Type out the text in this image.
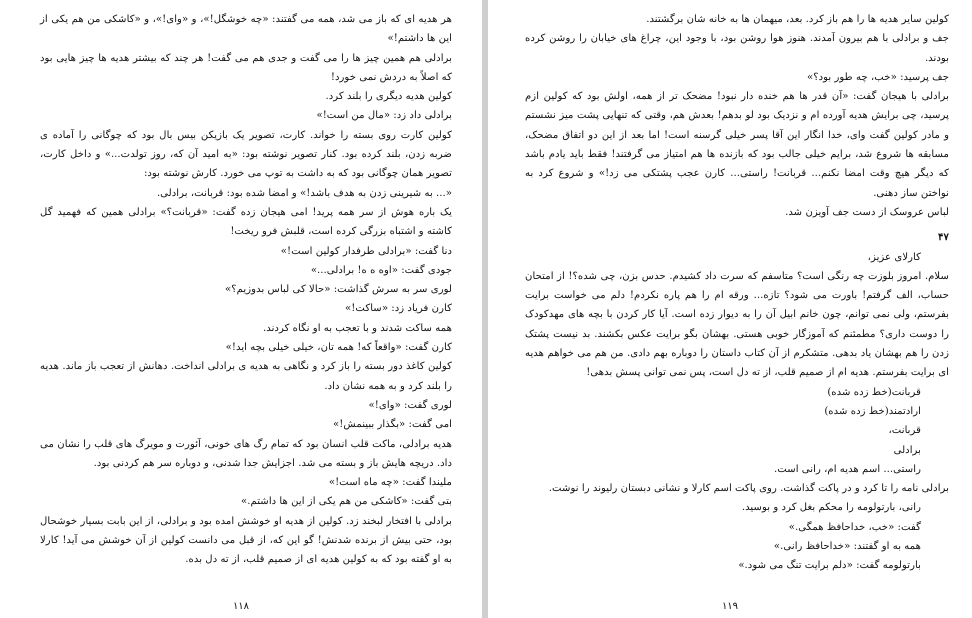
هر هدیه ای که باز می شد، همه می گفتند: «چه خوشگل!»، و «وای!»، و «کاشکی من هم یکی از این ها داشتم!»

برادلی هم همین چیز ها را می گفت و جدی هم می گفت! هر چند که بیشتر هدیه ها چیز هایی بود که اصلاً به دردش نمی خورد!

کولین هدیه دیگری را بلند کرد.

برادلی داد زد: «مال من است!»

کولین کارت روی بسته را خواند. کارت، تصویر یک بازیکن بیس بال بود که چوگانی را آماده ی ضربه زدن، بلند کرده بود. کنار تصویر نوشته بود: «به امید آن که، روز تولدت...» و داخل کارت، تصویر همان چوگانی بود که به داشت به توپ می خورد. کارش نوشته بود:

«... به شیرینی زدن به هدف باشد!» و امضا شده بود: قربانت، برادلی.

یک باره هوش از سر همه پرید! امی هیجان زده گفت: «قربانت؟» برادلی همین که فهمید گل کاشته و اشتباه بزرگی کرده است، قلبش فرو ریخت!

دنا گفت: «برادلی طرفدار کولین است!»

جودی گفت: «اوه ه ه! برادلی...»

لوری سر به سرش گذاشت: «حالا کی لباس بدوزیم؟»

کارن فریاد زد: «ساکت!»

همه ساکت شدند و با تعجب به او نگاه کردند.

کارن گفت: «واقعاً که! همه تان، خیلی خیلی بچه اید!»

کولین کاغذ دور بسته را باز کرد و نگاهی به هدیه ی برادلی انداخت. دهانش از تعجب باز ماند. هدیه را بلند کرد و به همه نشان داد.

لوری گفت: «وای!»

امی گفت: «بگذار ببینمش!»

هدیه برادلی، ماکت قلب انسان بود که تمام رگ های خونی، آئورت و مویرگ های قلب را نشان می داد. دریچه هایش باز و بسته می شد. اجزایش جدا شدنی، و دوباره سر هم کردنی بود.

ملیندا گفت: «چه ماه است!»

بتی گفت: «کاشکی من هم یکی از این ها داشتم.»

برادلی با افتخار لبخند زد. کولین از هدیه او خوشش امده بود و برادلی، از این بابت بسیار خوشحال بود، حتی بیش از برنده شدنش! گو این که، از قبل می دانست کولین از آن خوشش می آید! کارلا به او گفته بود که به کولین هدیه ای از صمیم قلب، از ته دل بده.

۱۱۸

کولین سایر هدیه ها را هم باز کرد. بعد، میهمان ها به خانه شان برگشتند.

جف و برادلی با هم بیرون آمدند. هنوز هوا روشن بود، با وجود این، چراغ های خیابان را روشن کرده بودند.

جف پرسید: «خب، چه طور بود؟»

برادلی با هیجان گفت: «آن قدر ها هم خنده دار نبود! مضحک تر از همه، اولش بود که کولین ازم پرسید، چی برایش هدیه آورده ام و نزدیک بود لو بدهم! بعدش هم، وقتی که تنهایی پشت میز نشستم و مادر کولین گفت وای، خدا انگار این آقا پسر خیلی گرسنه است! اما بعد از این دو اتفاق مضحک، مسابقه ها شروع شد، برایم خیلی جالب بود که بازنده ها هم امتیاز می گرفتند! فقط باید یادم باشد که دیگر هیچ وقت امضا نکنم... قربانت! راستی... کارن عجب پشتکی می زد!» و شروع کرد به نواختن ساز دهنی.

لباس عروسک از دست جف آویزن شد.

۴۷

کارلای عزیز،

سلام. امروز بلوزت چه رنگی است؟ متاسفم که سرت داد کشیدم. حدس بزن، چی شده؟! از امتحان حساب، الف گرفتم! باورت می شود؟ تازه... ورقه ام را هم پاره نکردم! دلم می خواست برایت بفرستم، ولی نمی توانم، چون خانم ابیل آن را به دیوار زده است. آیا کار کردن با بچه های مهدکودک را دوست داری؟ مطمئنم که آموزگار خوبی هستی. بهشان بگو برایت عکس بکشند. بد نیست پشتک زدن را هم بهشان یاد بدهی. متشکرم از آن کتاب داستان را دوباره بهم دادی. من هم می خواهم هدیه ای برایت بفرستم. هدیه ام از صمیم قلب، از ته دل است، پس نمی توانی پسش بدهی!

قربانت(خط زده شده)

ارادتمند(خط زده شده)

قربانت،

برادلی

راستی... اسم هدیه ام، رانی است.

برادلی نامه را تا کرد و در پاکت گذاشت. روی پاکت اسم کارلا و نشانی دبستان رلیوند را نوشت.

رانی، بارتولومه را محکم بغل کرد و بوسید.

گفت: «خب، خداحافظ همگی.»

همه به او گفتند: «خداحافظ رانی.»

بارتولومه گفت: «دلم برایت تنگ می شود.»

۱۱۹
